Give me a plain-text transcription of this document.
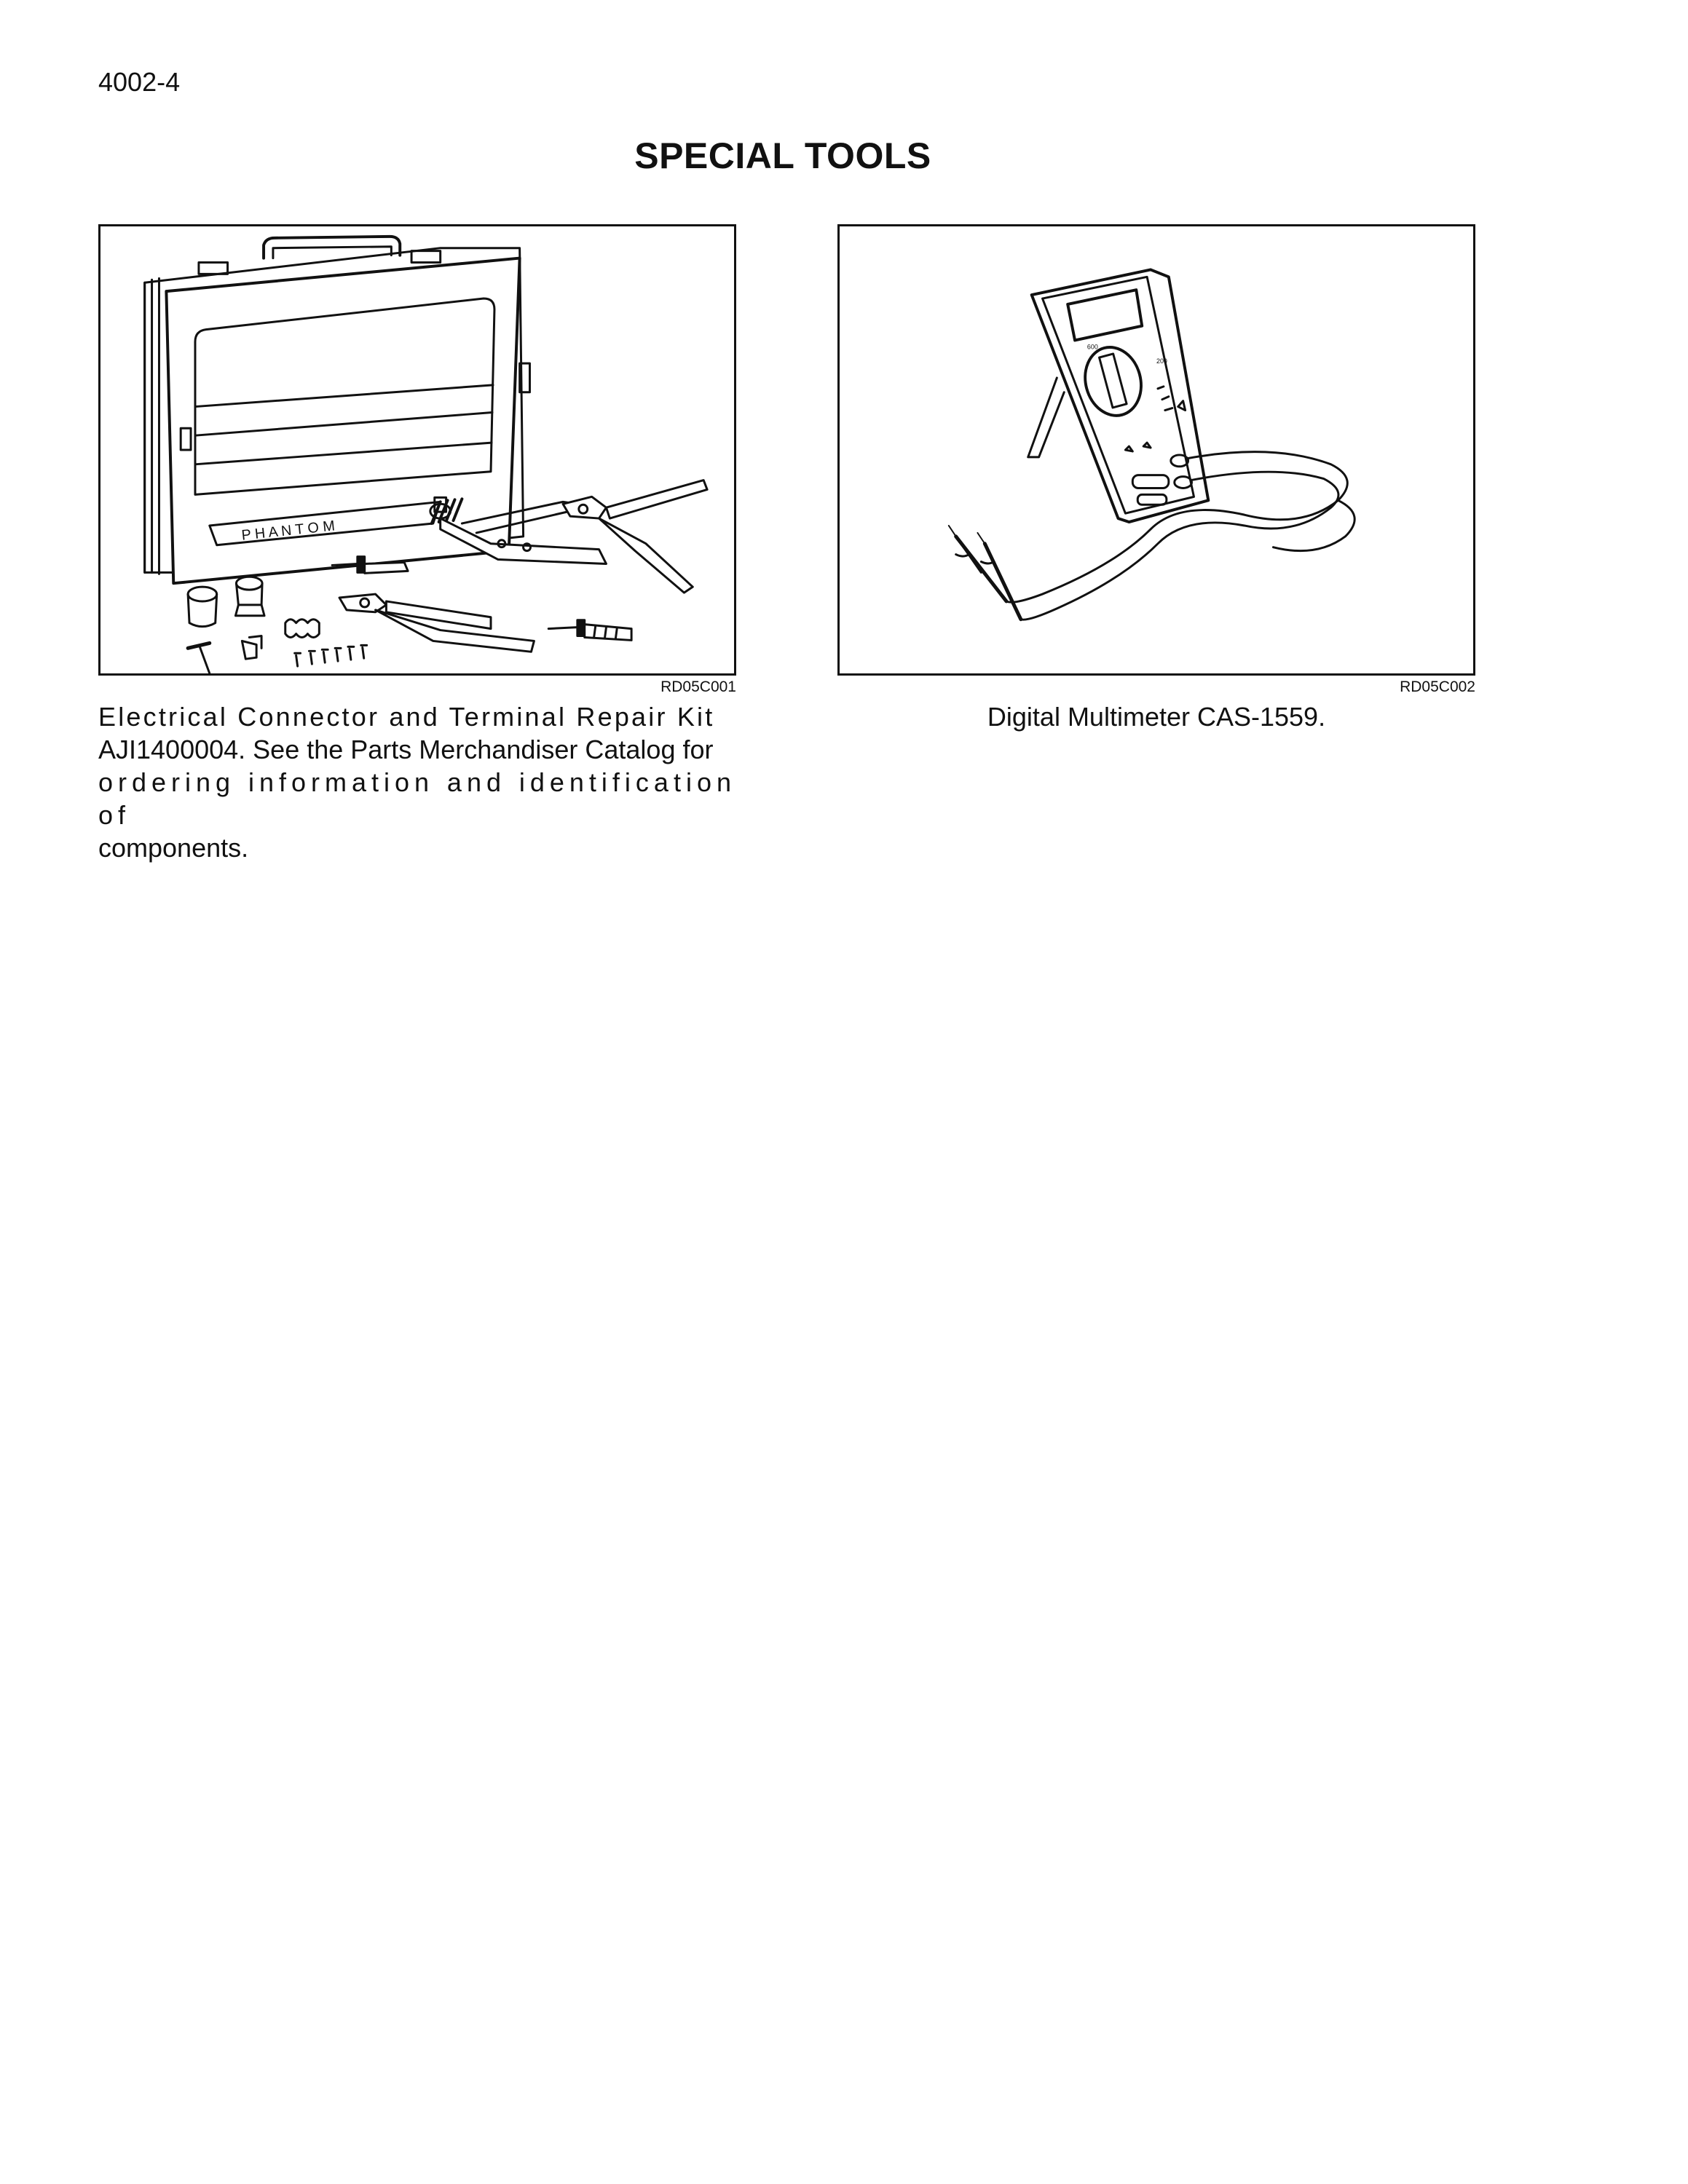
4002-4
SPECIAL TOOLS
P H A N T O M
RD05C001
600
200
RD05C002
Electrical Connector and Terminal Repair Kit
AJI1400004. See the Parts Merchandiser Catalog for
ordering information and identification of
components.
Digital Multimeter CAS-1559.
